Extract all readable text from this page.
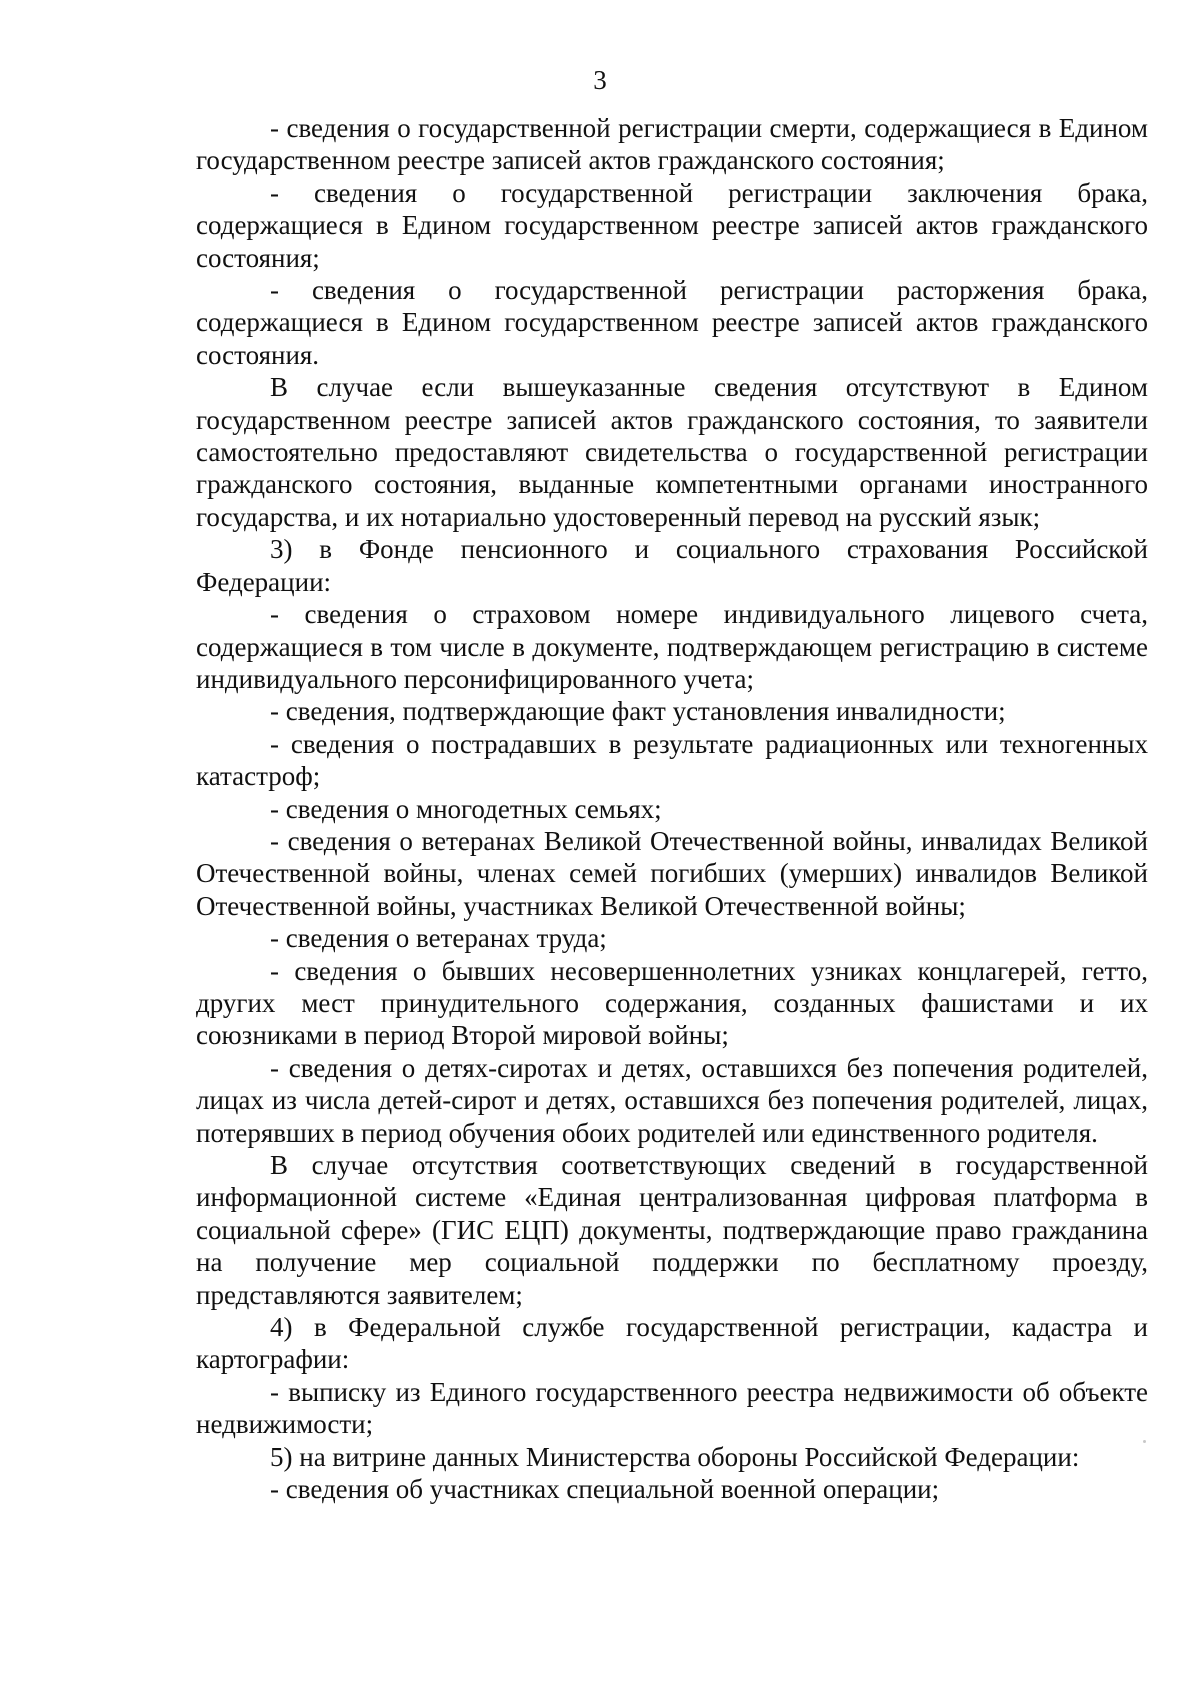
3

- сведения о государственной регистрации смерти, содержащиеся в Едином государственном реестре записей актов гражданского состояния;

- сведения о государственной регистрации заключения брака, содержащиеся в Едином государственном реестре записей актов гражданского состояния;

- сведения о государственной регистрации расторжения брака, содержащиеся в Едином государственном реестре записей актов гражданского состояния.

В случае если вышеуказанные сведения отсутствуют в Едином государственном реестре записей актов гражданского состояния, то заявители самостоятельно предоставляют свидетельства о государственной регистрации гражданского состояния, выданные компетентными органами иностранного государства, и их нотариально удостоверенный перевод на русский язык;

3) в Фонде пенсионного и социального страхования Российской Федерации:

- сведения о страховом номере индивидуального лицевого счета, содержащиеся в том числе в документе, подтверждающем регистрацию в системе индивидуального персонифицированного учета;

- сведения, подтверждающие факт установления инвалидности;

- сведения о пострадавших в результате радиационных или техногенных катастроф;

- сведения о многодетных семьях;

- сведения о ветеранах Великой Отечественной войны, инвалидах Великой Отечественной войны, членах семей погибших (умерших) инвалидов Великой Отечественной войны, участниках Великой Отечественной войны;

- сведения о ветеранах труда;

- сведения о бывших несовершеннолетних узниках концлагерей, гетто, других мест принудительного содержания, созданных фашистами и их союзниками в период Второй мировой войны;

- сведения о детях-сиротах и детях, оставшихся без попечения родителей, лицах из числа детей-сирот и детях, оставшихся без попечения родителей, лицах, потерявших в период обучения обоих родителей или единственного родителя.

В случае отсутствия соответствующих сведений в государственной информационной системе «Единая централизованная цифровая платформа в социальной сфере» (ГИС ЕЦП) документы, подтверждающие право гражданина на получение мер социальной поддержки по бесплатному проезду, представляются заявителем;

4) в Федеральной службе государственной регистрации, кадастра и картографии:

- выписку из Единого государственного реестра недвижимости об объекте недвижимости;

5) на витрине данных Министерства обороны Российской Федерации:

- сведения об участниках специальной военной операции;
